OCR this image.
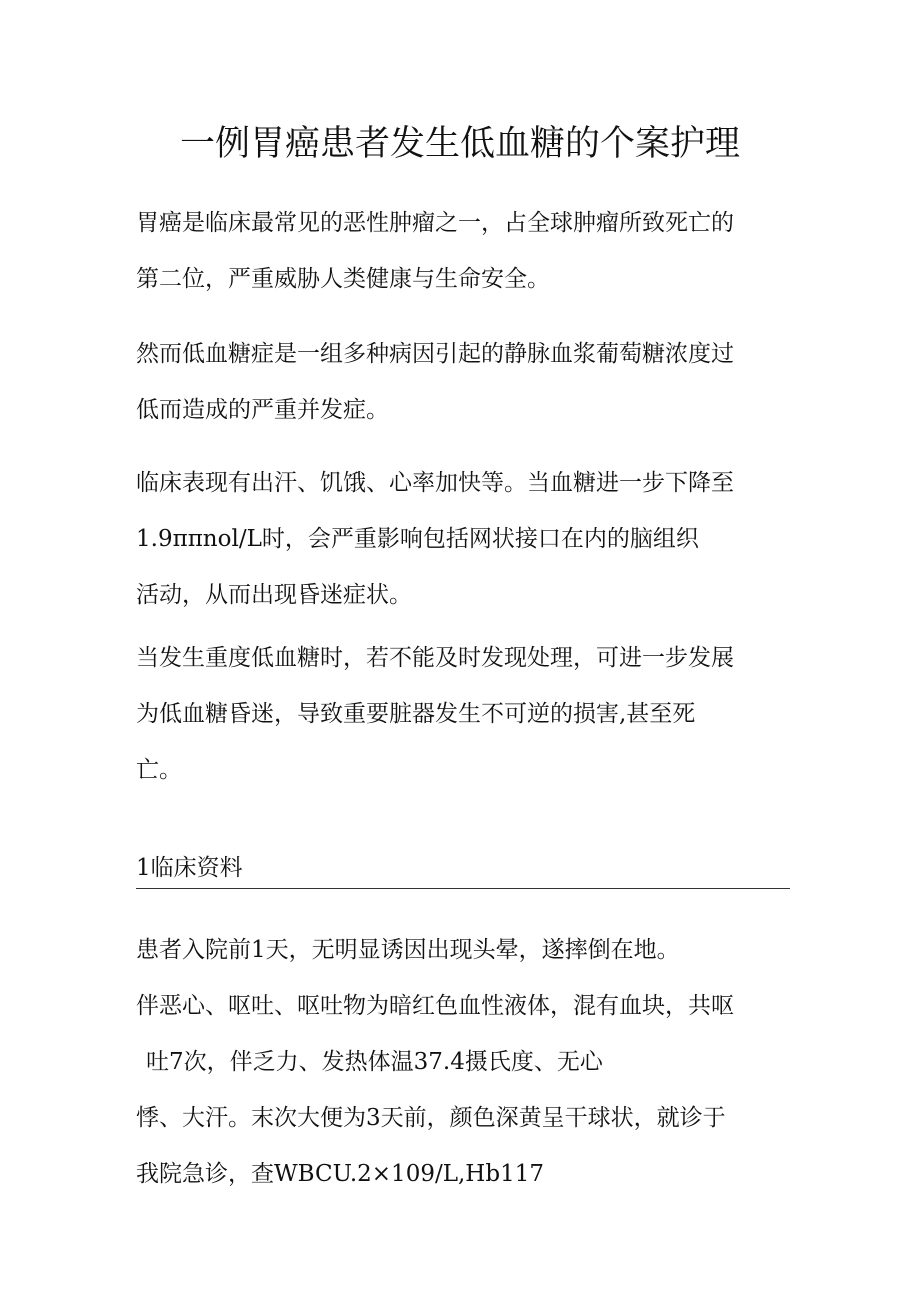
一例胃癌患者发生低血糖的个案护理

胃癌是临床最常见的恶性肿瘤之一，占全球肿瘤所致死亡的
第二位，严重威胁人类健康与生命安全。

然而低血糖症是一组多种病因引起的静脉血浆葡萄糖浓度过
低而造成的严重并发症。

临床表现有出汗、饥饿、心率加快等。当血糖进一步下降至
1.9ππnol/L时，会严重影响包括网状接口在内的脑组织
活动，从而出现昏迷症状。

当发生重度低血糖时，若不能及时发现处理，可进一步发展
为低血糖昏迷，导致重要脏器发生不可逆的损害,甚至死
亡。

1临床资料

患者入院前1天，无明显诱因出现头晕，遂摔倒在地。
伴恶心、呕吐、呕吐物为暗红色血性液体，混有血块，共呕
吐7次，伴乏力、发热体温37.4摄氏度、无心
悸、大汗。末次大便为3天前，颜色深黄呈干球状，就诊于
我院急诊，查WBCU.2×109/L,Hb117
